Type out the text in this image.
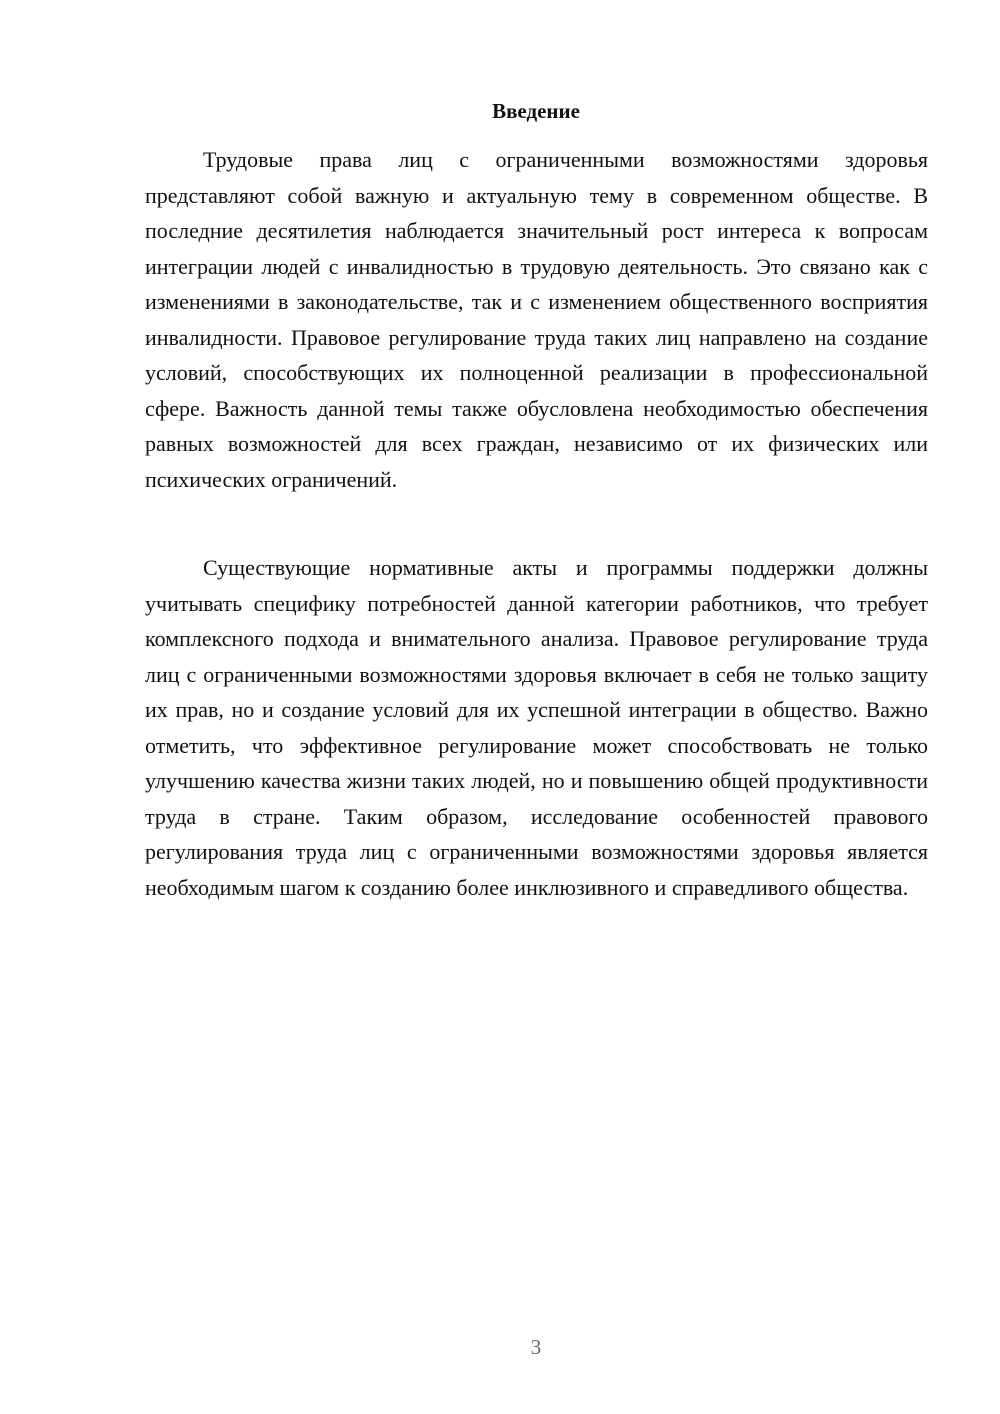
Введение

Трудовые права лиц с ограниченными возможностями здоровья представляют собой важную и актуальную тему в современном обществе. В последние десятилетия наблюдается значительный рост интереса к вопросам интеграции людей с инвалидностью в трудовую деятельность. Это связано как с изменениями в законодательстве, так и с изменением общественного восприятия инвалидности. Правовое регулирование труда таких лиц направлено на создание условий, способствующих их полноценной реализации в профессиональной сфере. Важность данной темы также обусловлена необходимостью обеспечения равных возможностей для всех граждан, независимо от их физических или психических ограничений.

Существующие нормативные акты и программы поддержки должны учитывать специфику потребностей данной категории работников, что требует комплексного подхода и внимательного анализа. Правовое регулирование труда лиц с ограниченными возможностями здоровья включает в себя не только защиту их прав, но и создание условий для их успешной интеграции в общество. Важно отметить, что эффективное регулирование может способствовать не только улучшению качества жизни таких людей, но и повышению общей продуктивности труда в стране. Таким образом, исследование особенностей правового регулирования труда лиц с ограниченными возможностями здоровья является необходимым шагом к созданию более инклюзивного и справедливого общества.

3
